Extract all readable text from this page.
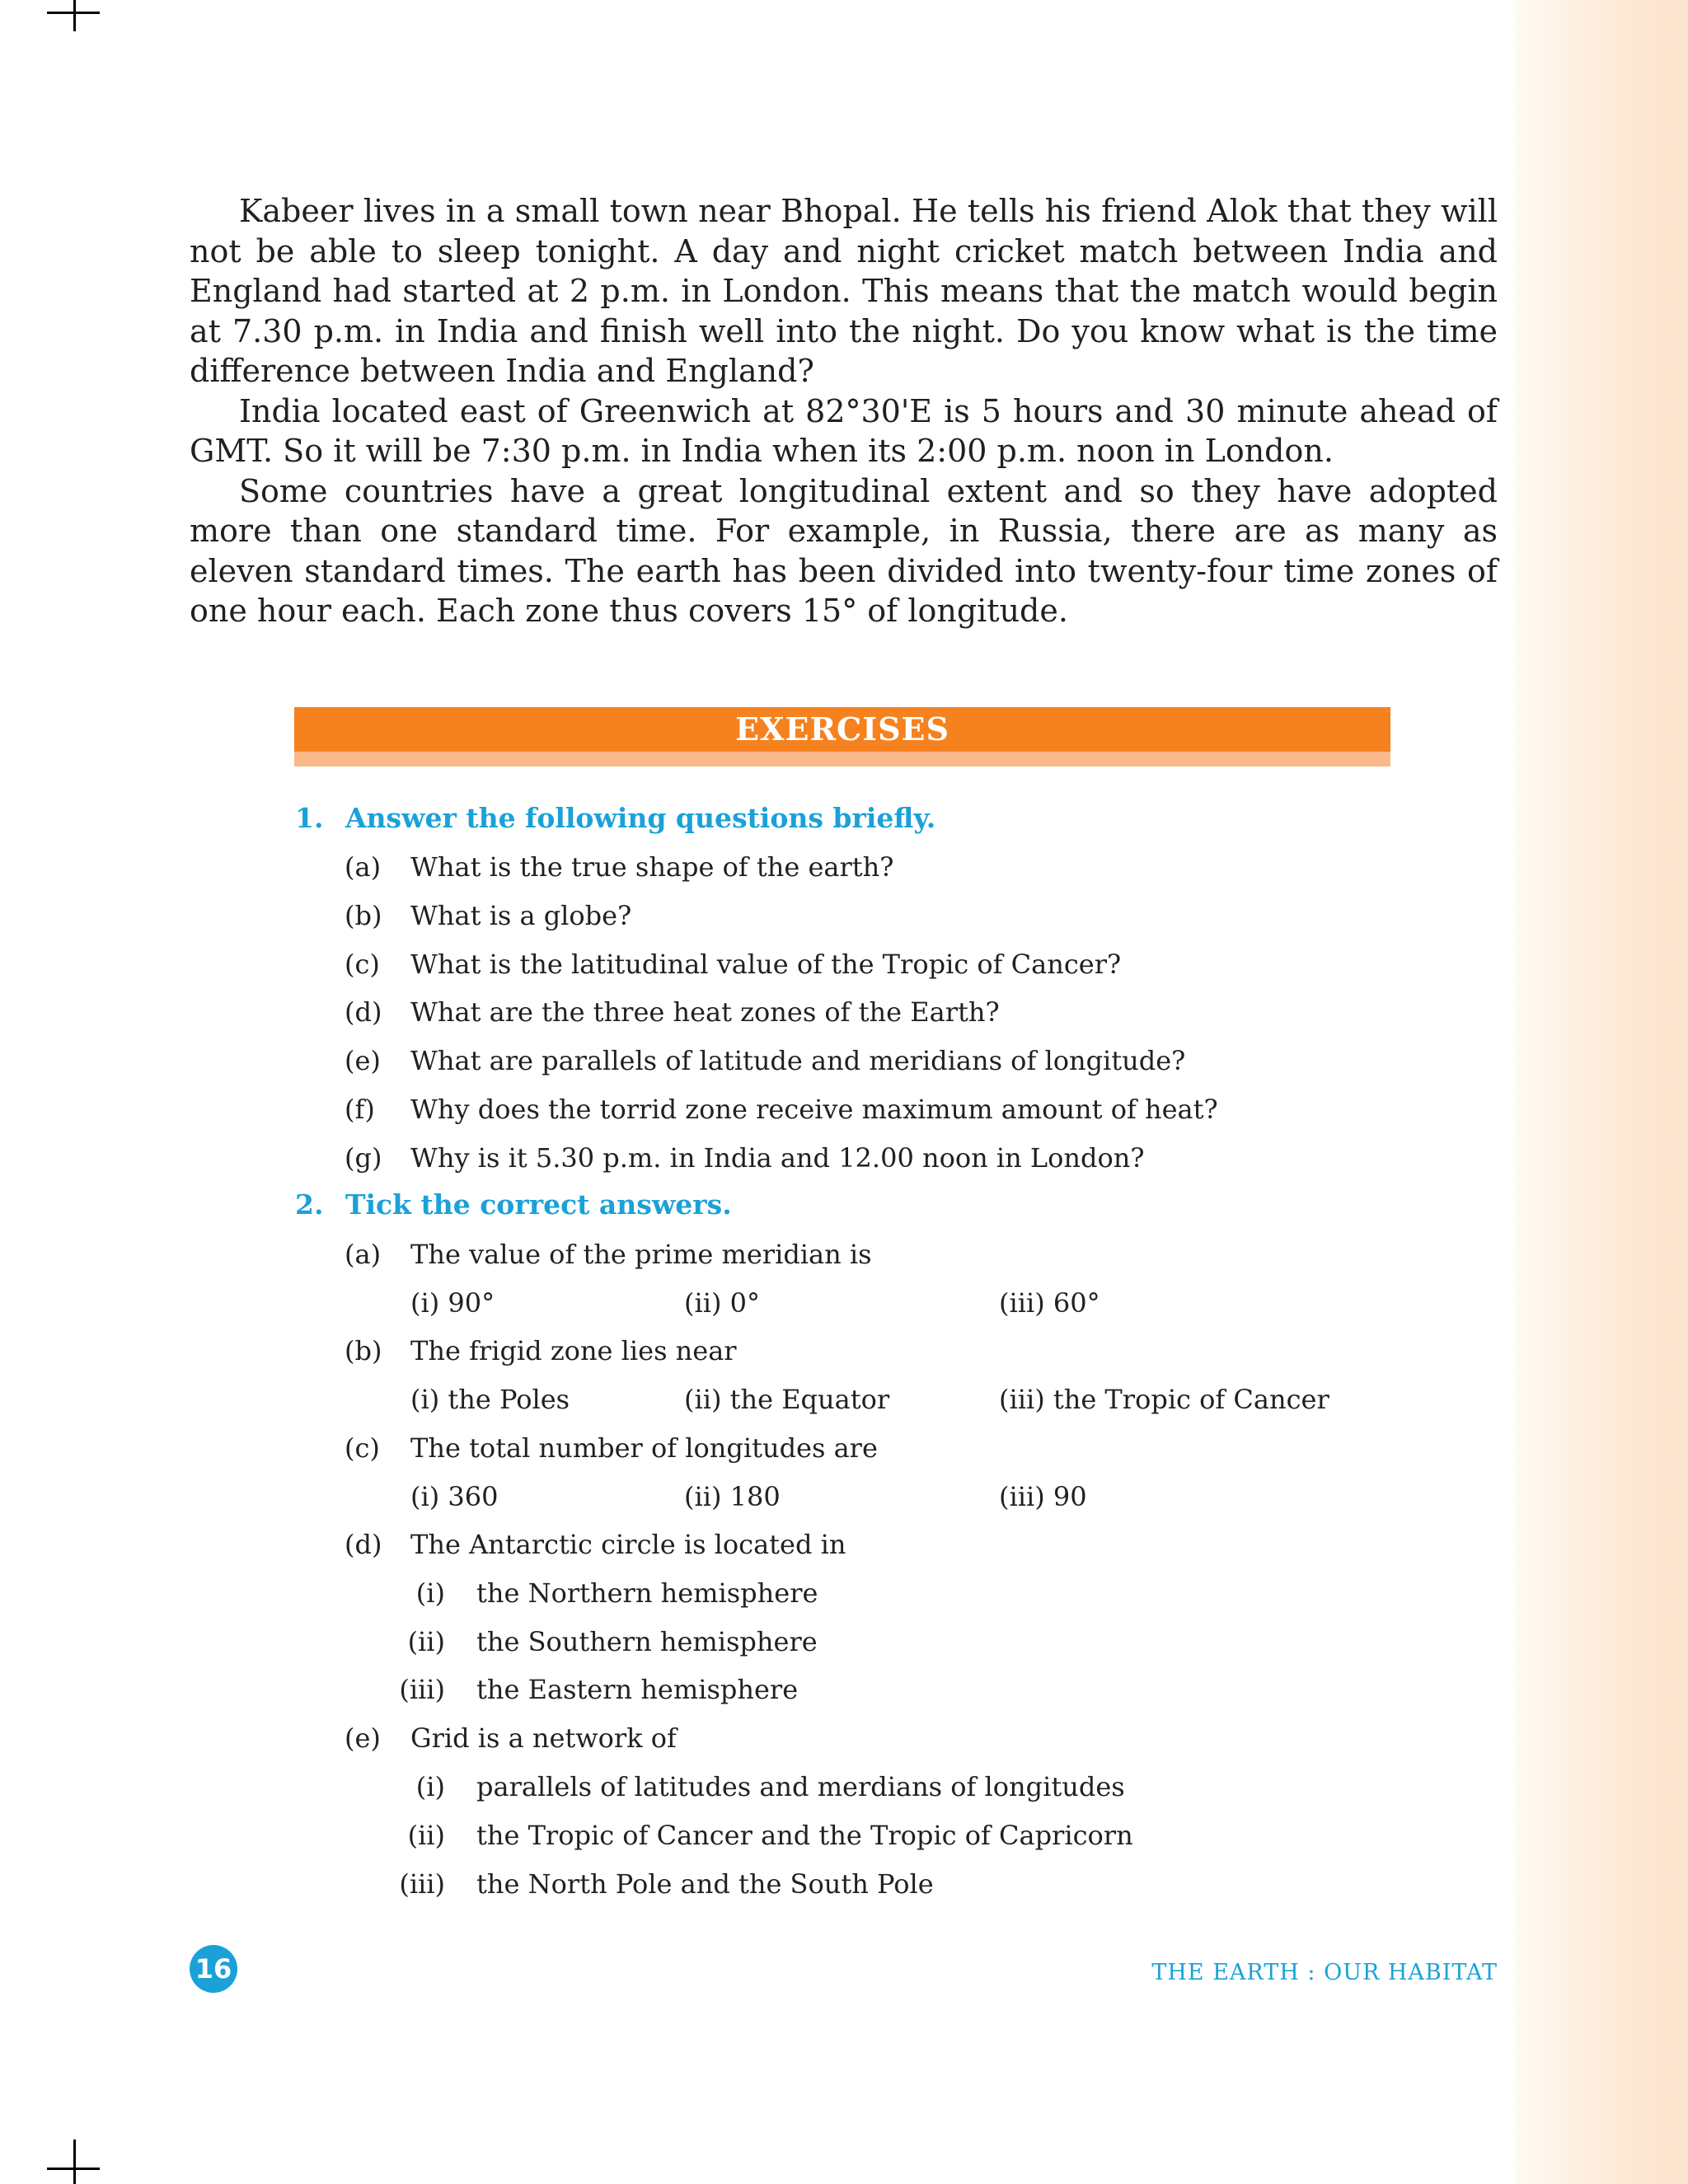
Kabeer lives in a small town near Bhopal. He tells his friend Alok that they will not be able to sleep tonight. A day and night cricket match between India and England had started at 2 p.m. in London. This means that the match would begin at 7.30 p.m. in India and finish well into the night. Do you know what is the time difference between India and England?

India located east of Greenwich at 82°30'E is 5 hours and 30 minute ahead of GMT. So it will be 7:30 p.m. in India when its 2:00 p.m. noon in London.

Some countries have a great longitudinal extent and so they have adopted more than one standard time. For example, in Russia, there are as many as eleven standard times. The earth has been divided into twenty-four time zones of one hour each. Each zone thus covers 15° of longitude.

EXERCISES
1. Answer the following questions briefly.
(a) What is the true shape of the earth?
(b) What is a globe?
(c) What is the latitudinal value of the Tropic of Cancer?
(d) What are the three heat zones of the Earth?
(e) What are parallels of latitude and meridians of longitude?
(f) Why does the torrid zone receive maximum amount of heat?
(g) Why is it 5.30 p.m. in India and 12.00 noon in London?
2. Tick the correct answers.
(a) The value of the prime meridian is
(i) 90°	(ii) 0°	(iii) 60°
(b) The frigid zone lies near
(i) the Poles	(ii) the Equator	(iii) the Tropic of Cancer
(c) The total number of longitudes are
(i) 360	(ii) 180	(iii) 90
(d) The Antarctic circle is located in
(i) the Northern hemisphere
(ii) the Southern hemisphere
(iii) the Eastern hemisphere
(e) Grid is a network of
(i) parallels of latitudes and merdians of longitudes
(ii) the Tropic of Cancer and the Tropic of Capricorn
(iii) the North Pole and the South Pole
16	THE EARTH : OUR HABITAT
